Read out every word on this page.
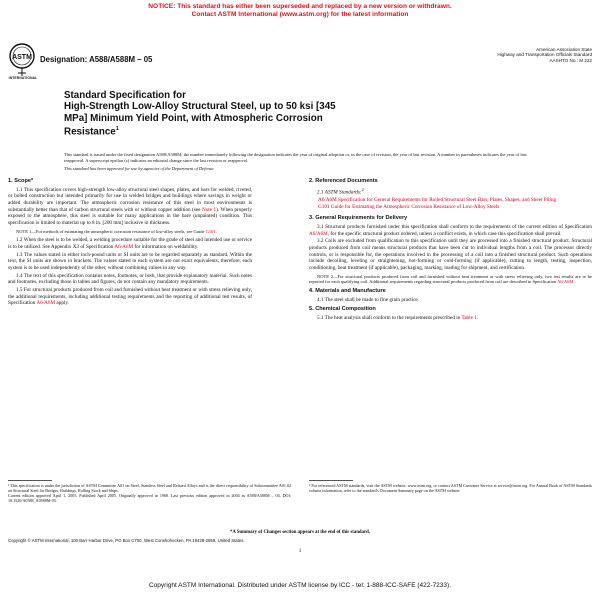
NOTICE: This standard has either been superseded and replaced by a new version or withdrawn.
Contact ASTM International (www.astm.org) for the latest information
ASTM
INTERNATIONAL
Designation: A588/A588M – 05
American Association State
Highway and Transportation Officials Standard
AASHTO No.: M 222
Standard Specification for
High-Strength Low-Alloy Structural Steel, up to 50 ksi [345
MPa] Minimum Yield Point, with Atmospheric Corrosion
Resistance$^1$

This standard is issued under the fixed designation A588/A588M; the number immediately following the designation indicates the year of original adoption or, in the case of revision, the year of last revision. A number in parentheses indicates the year of last reapproval. A superscript epsilon (ε) indicates an editorial change since the last revision or reapproval.

This standard has been approved for use by agencies of the Department of Defense.

1. Scope*

1.1 This specification covers high-strength low-alloy structural steel shapes, plates, and bars for welded, riveted, or bolted construction but intended primarily for use in welded bridges and buildings where savings in weight or added durability are important. The atmospheric corrosion resistance of this steel in most environments is substantially better than that of carbon structural steels with or without copper addition (see Note 1). When properly exposed to the atmosphere, this steel is suitable for many applications in the bare (unpainted) condition. This specification is limited to material up to 8 in. [200 mm] inclusive in thickness.

NOTE 1—For methods of estimating the atmospheric corrosion resistance of low-alloy steels, see Guide G101.

1.2 When the steel is to be welded, a welding procedure suitable for the grade of steel and intended use or service is to be utilized. See Appendix X3 of Specification A6/A6M for information on weldability.

1.3 The values stated in either inch-pound units or SI units are to be regarded separately as standard. Within the text, the SI units are shown in brackets. The values stated in each system are not exact equivalents; therefore, each system is to be used independently of the other, without combining values in any way.

1.4 The text of this specification contains notes, footnotes, or both, that provide explanatory material. Such notes and footnotes, excluding those in tables and figures, do not contain any mandatory requirements.

1.5 For structural products produced from coil and furnished without heat treatment or with stress relieving only, the additional requirements, including additional testing requirements and the reporting of additional test results, of Specification A6/A6M apply.

2. Referenced Documents

2.1 ASTM Standards:$^2$

A6/A6M Specification for General Requirements for Rolled Structural Steel Bars, Plates, Shapes, and Sheet Piling
G101 Guide for Estimating the Atmospheric Corrosion Resistance of Low-Alloy Steels
3. General Requirements for Delivery

3.1 Structural products furnished under this specification shall conform to the requirements of the current edition of Specification A6/A6M, for the specific structural product ordered, unless a conflict exists, in which case this specification shall prevail.

3.2 Coils are excluded from qualification to this specification until they are processed into a finished structural product. Structural products produced from coil means structural products that have been cut to individual lengths from a coil. The processor directly controls, or is responsible for, the operations involved in the processing of a coil into a finished structural product. Such operations include decoiling, leveling or straightening, hot-forming or cold-forming (if applicable), cutting to length, testing, inspection, conditioning, heat treatment (if applicable), packaging, marking, loading for shipment, and certification.

NOTE 2—For structural products produced from coil and furnished without heat treatment or with stress relieving only, two test results are to be reported for each qualifying coil. Additional requirements regarding structural products produced from coil are described in Specification A6/A6M.

4. Materials and Manufacture

4.1 The steel shall be made to fine grain practice.

5. Chemical Composition

5.1 The heat analysis shall conform to the requirements prescribed in Table 1.

¹ This specification is under the jurisdiction of ASTM Committee A01 on Steel, Stainless Steel and Related Alloys and is the direct responsibility of Subcommittee A01.02 on Structural Steel for Bridges, Buildings, Rolling Stock and Ships.

Current edition approved April 1, 2005. Published April 2005. Originally approved in 1968. Last previous edition approved in 2004 as A588/A588M – 04. DOI: 10.1520/A0588_A0588M-05.

² For referenced ASTM standards, visit the ASTM website, www.astm.org, or contact ASTM Customer Service at service@astm.org. For Annual Book of ASTM Standards volume information, refer to the standard's Document Summary page on the ASTM website.

*A Summary of Changes section appears at the end of this standard.
Copyright © ASTM International, 100 Barr Harbor Drive, PO Box C700, West Conshohocken, PA 19428-2959, United States.
1
Copyright ASTM International. Distributed under ASTM license by ICC - tel: 1-888-ICC-SAFE (422-7233).
